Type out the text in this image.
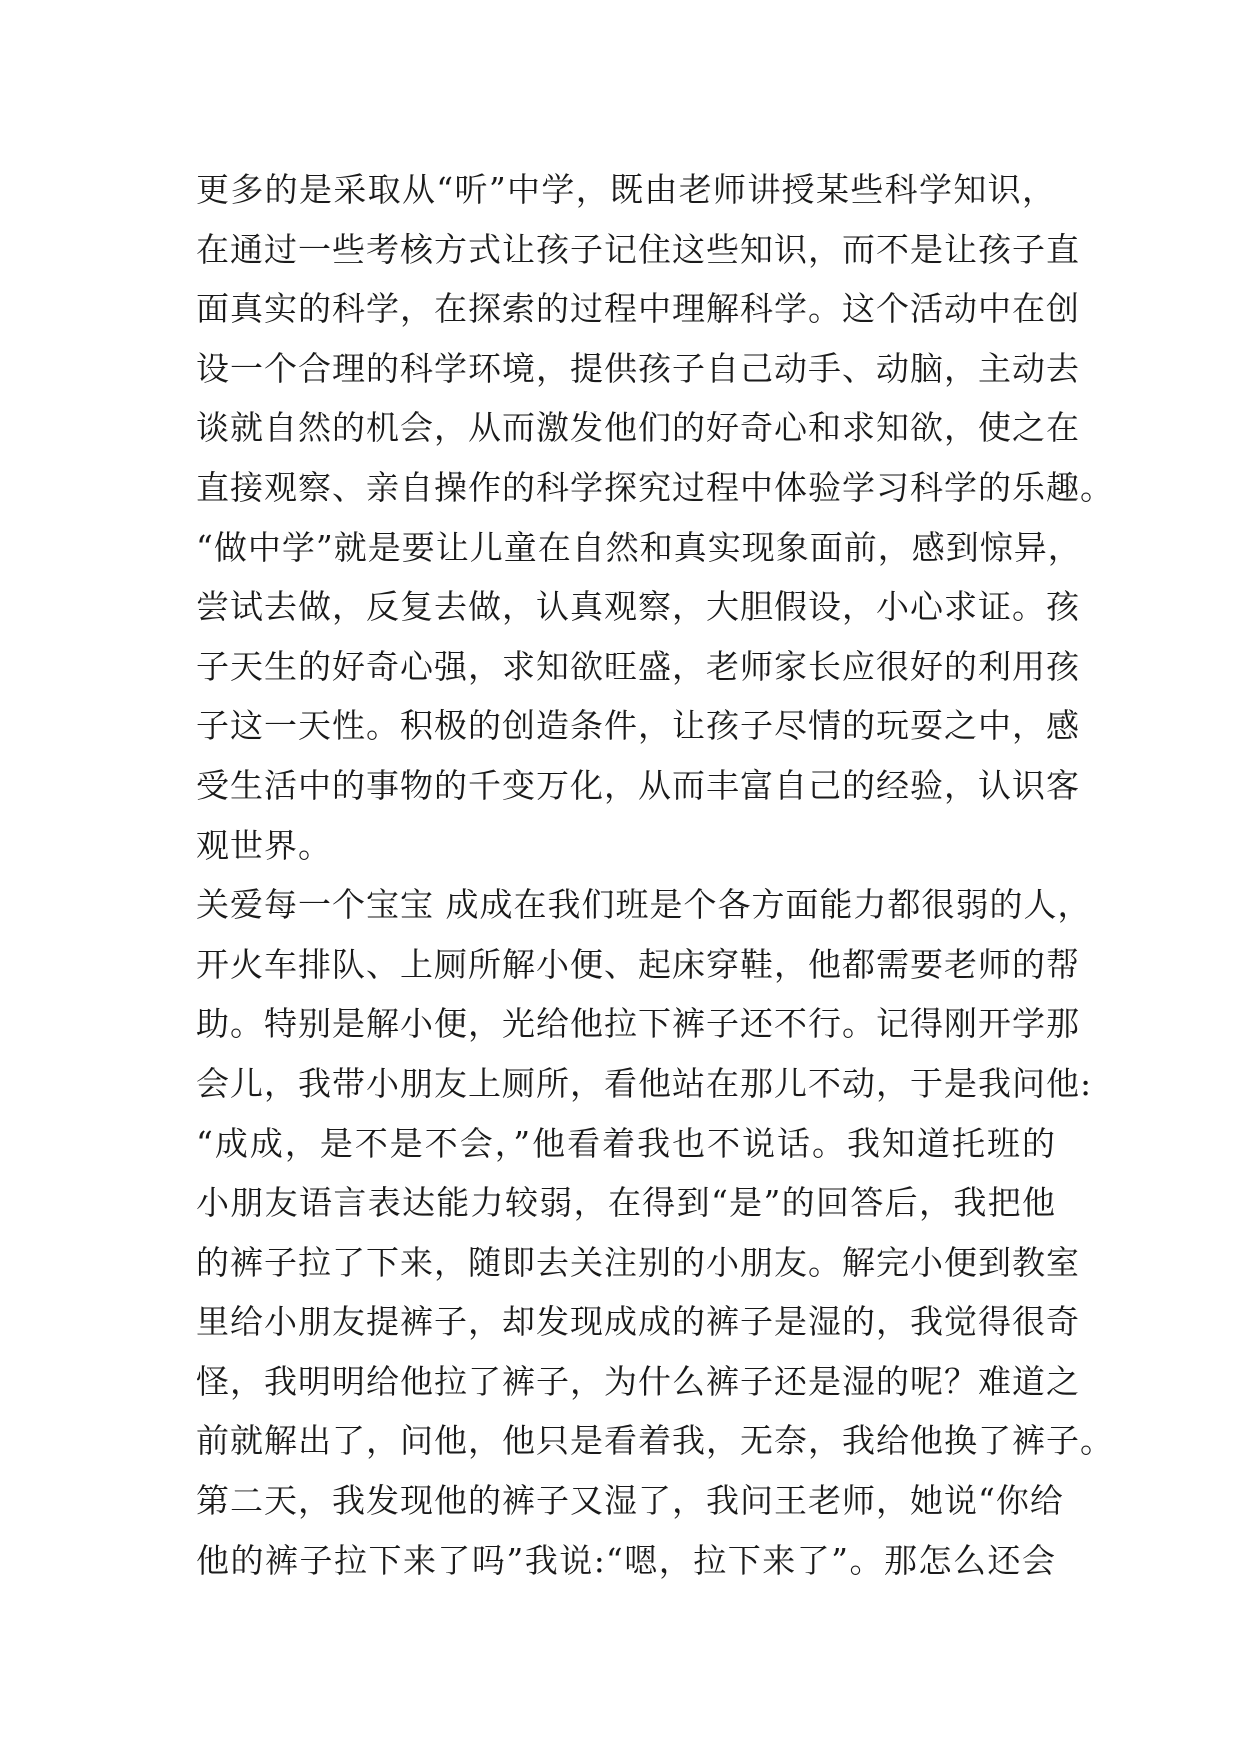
更多的是采取从“听”中学，既由老师讲授某些科学知识，
在通过一些考核方式让孩子记住这些知识，而不是让孩子直
面真实的科学，在探索的过程中理解科学。这个活动中在创
设一个合理的科学环境，提供孩子自己动手、动脑，主动去
谈就自然的机会，从而激发他们的好奇心和求知欲，使之在
直接观察、亲自操作的科学探究过程中体验学习科学的乐趣。
“做中学”就是要让儿童在自然和真实现象面前，感到惊异，
尝试去做，反复去做，认真观察，大胆假设，小心求证。孩
子天生的好奇心强，求知欲旺盛，老师家长应很好的利用孩
子这一天性。积极的创造条件，让孩子尽情的玩耍之中，感
受生活中的事物的千变万化，从而丰富自己的经验，认识客
观世界。
关爱每一个宝宝 成成在我们班是个各方面能力都很弱的人，
开火车排队、上厕所解小便、起床穿鞋，他都需要老师的帮
助。特别是解小便，光给他拉下裤子还不行。记得刚开学那
会儿，我带小朋友上厕所，看他站在那儿不动，于是我问他:
“成成，是不是不会，”他看着我也不说话。我知道托班的
小朋友语言表达能力较弱，在得到“是”的回答后，我把他
的裤子拉了下来，随即去关注别的小朋友。解完小便到教室
里给小朋友提裤子，却发现成成的裤子是湿的，我觉得很奇
怪，我明明给他拉了裤子，为什么裤子还是湿的呢？难道之
前就解出了，问他，他只是看着我，无奈，我给他换了裤子。
第二天，我发现他的裤子又湿了，我问王老师，她说“你给
他的裤子拉下来了吗”我说:“嗯，拉下来了”。那怎么还会
